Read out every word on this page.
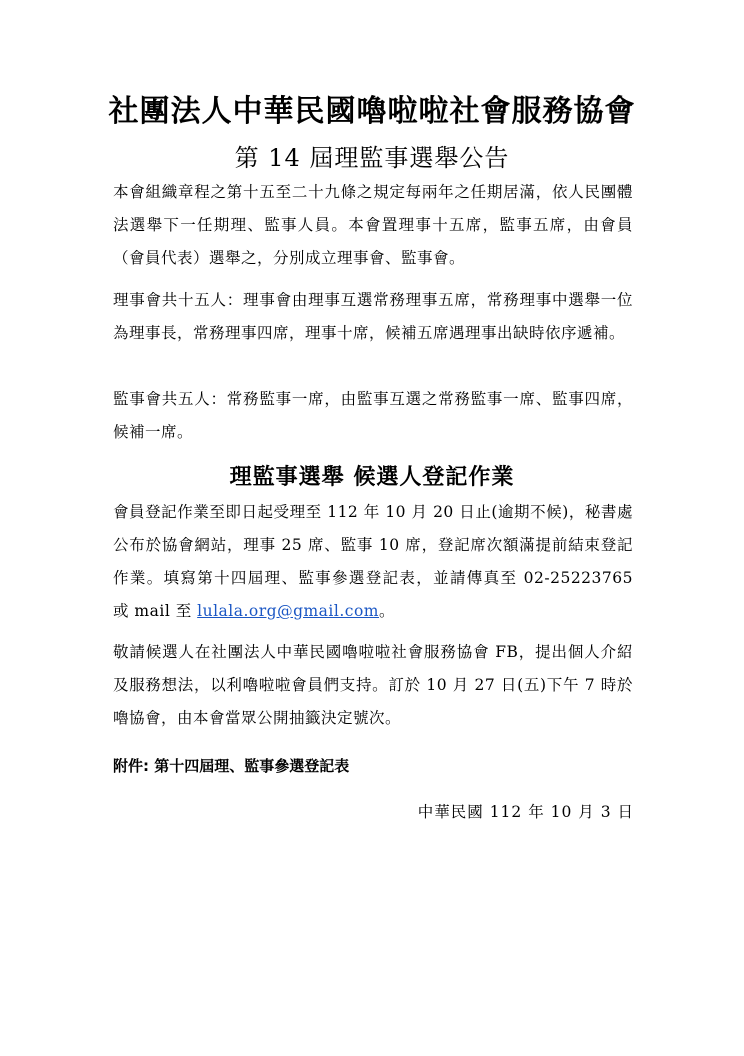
社團法人中華民國嚕啦啦社會服務協會
第 14 屆理監事選舉公告

本會組織章程之第十五至二十九條之規定每兩年之任期居滿，依人民團體法選舉下一任期理、監事人員。本會置理事十五席，監事五席，由會員（會員代表）選舉之，分別成立理事會、監事會。

理事會共十五人：理事會由理事互選常務理事五席，常務理事中選舉一位為理事長，常務理事四席，理事十席，候補五席遇理事出缺時依序遞補。

監事會共五人：常務監事一席，由監事互選之常務監事一席、監事四席，候補一席。

理監事選舉 候選人登記作業

會員登記作業至即日起受理至 112 年 10 月 20 日止(逾期不候)，秘書處公布於協會網站，理事 25 席、監事 10 席，登記席次額滿提前結束登記作業。填寫第十四屆理、監事參選登記表，並請傳真至 02-25223765 或 mail 至 lulala.org@gmail.com。

敬請候選人在社團法人中華民國嚕啦啦社會服務協會 FB，提出個人介紹及服務想法，以利嚕啦啦會員們支持。訂於 10 月 27 日(五)下午 7 時於嚕協會，由本會當眾公開抽籤決定號次。

附件: 第十四屆理、監事參選登記表
中華民國 112 年 10 月 3 日
